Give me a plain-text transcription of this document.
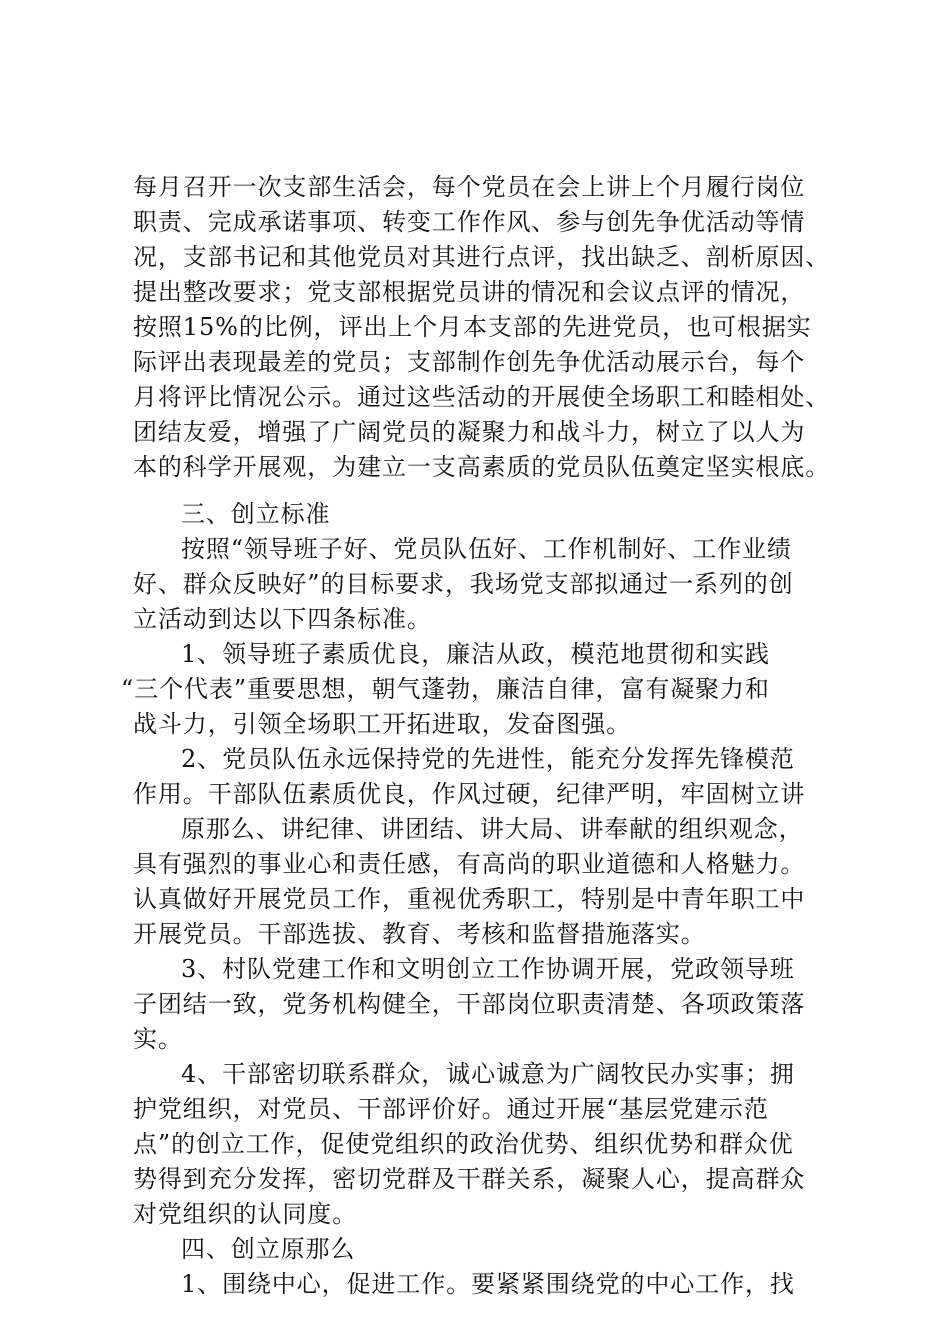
每月召开一次支部生活会，每个党员在会上讲上个月履行岗位
职责、完成承诺事项、转变工作作风、参与创先争优活动等情
况，支部书记和其他党员对其进行点评，找出缺乏、剖析原因、
提出整改要求；党支部根据党员讲的情况和会议点评的情况，
按照15%的比例，评出上个月本支部的先进党员，也可根据实
际评出表现最差的党员；支部制作创先争优活动展示台，每个
月将评比情况公示。通过这些活动的开展使全场职工和睦相处、
团结友爱，增强了广阔党员的凝聚力和战斗力，树立了以人为
本的科学开展观，为建立一支高素质的党员队伍奠定坚实根底。
三、创立标准
按照“领导班子好、党员队伍好、工作机制好、工作业绩
好、群众反映好”的目标要求，我场党支部拟通过一系列的创
立活动到达以下四条标准。
1、领导班子素质优良，廉洁从政，模范地贯彻和实践
“三个代表”重要思想，朝气蓬勃，廉洁自律，富有凝聚力和
战斗力，引领全场职工开拓进取，发奋图强。
2、党员队伍永远保持党的先进性，能充分发挥先锋模范
作用。干部队伍素质优良，作风过硬，纪律严明，牢固树立讲
原那么、讲纪律、讲团结、讲大局、讲奉献的组织观念，
具有强烈的事业心和责任感，有高尚的职业道德和人格魅力。
认真做好开展党员工作，重视优秀职工，特别是中青年职工中
开展党员。干部选拔、教育、考核和监督措施落实。
3、村队党建工作和文明创立工作协调开展，党政领导班
子团结一致，党务机构健全，干部岗位职责清楚、各项政策落
实。
4、干部密切联系群众，诚心诚意为广阔牧民办实事；拥
护党组织，对党员、干部评价好。通过开展“基层党建示范
点”的创立工作，促使党组织的政治优势、组织优势和群众优
势得到充分发挥，密切党群及干群关系，凝聚人心，提高群众
对党组织的认同度。
四、创立原那么
1、围绕中心，促进工作。要紧紧围绕党的中心工作，找
